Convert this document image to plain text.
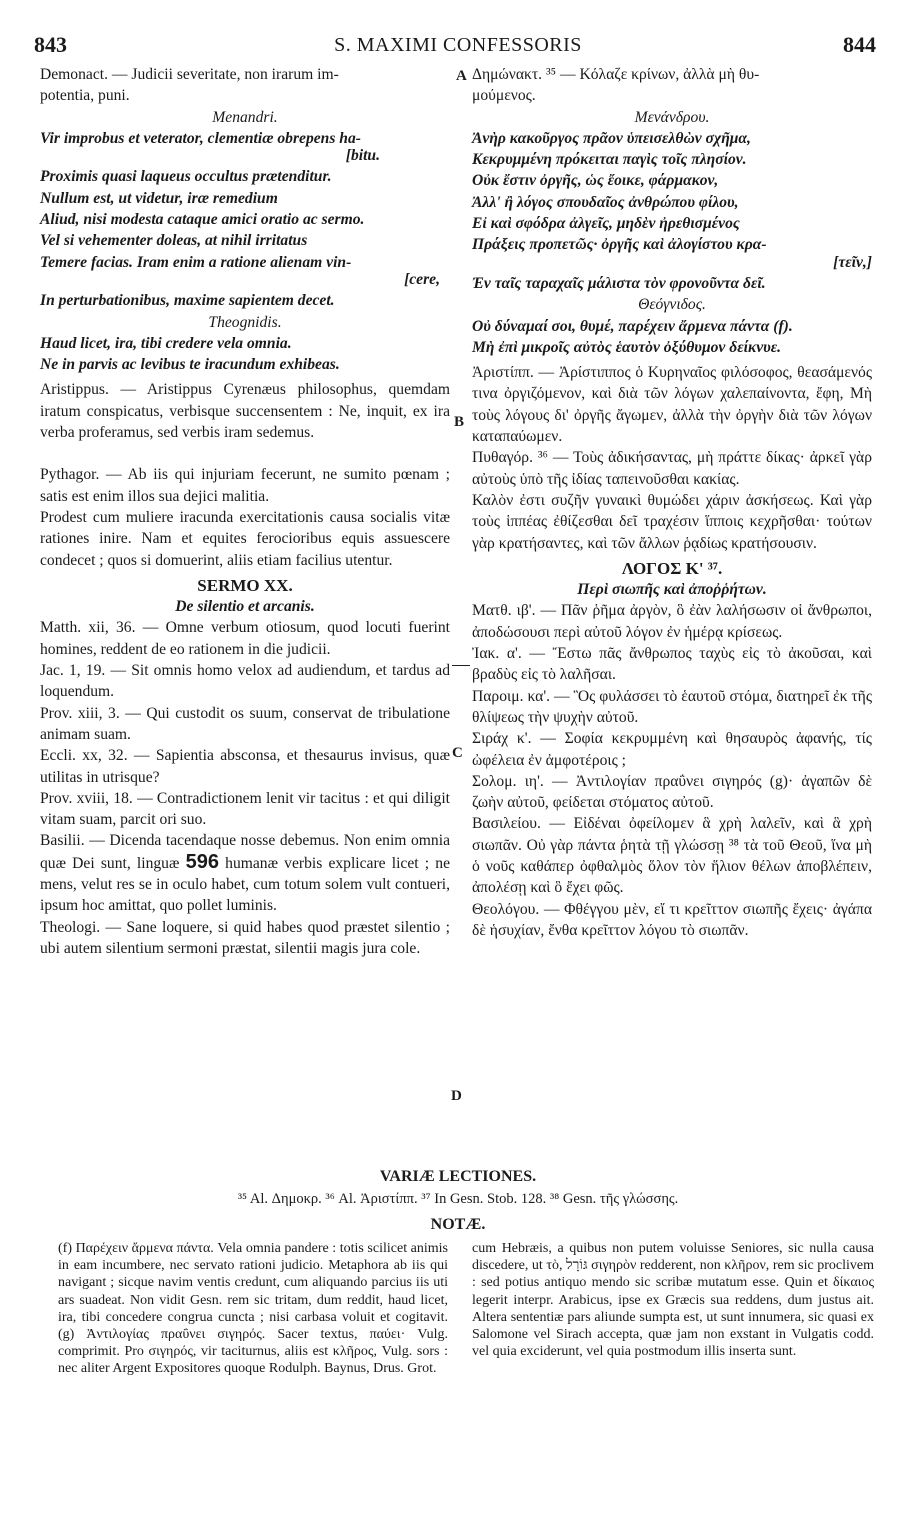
843	S. MAXIMI CONFESSORIS	844
A
B
C
D
Demonact. — Judicii severitate, non irarum im-
potentia, puni.
Menandri.
Vir improbus et veterator, clementiæ obrepens ha-
[bitu.
Proximis quasi laqueus occultus prætenditur.
Nullum est, ut videtur, iræ remedium
Aliud, nisi modesta cataque amici oratio ac sermo.
Vel si vehementer doleas, at nihil irritatus
Temere facias. Iram enim a ratione alienam vin-
[cere,
In perturbationibus, maxime sapientem decet.
Theognidis.
Haud licet, ira, tibi credere vela omnia.
Ne in parvis ac levibus te iracundum exhibeas.
Aristippus. — Aristippus Cyrenæus philosophus, quemdam iratum conspicatus, verbisque succensentem : Ne, inquit, ex ira verba proferamus, sed verbis iram sedemus.
Pythagor. — Ab iis qui injuriam fecerunt, ne sumito pœnam ; satis est enim illos sua dejici malitia.
Prodest cum muliere iracunda exercitationis causa socialis vitæ rationes inire. Nam et equites ferocioribus equis assuescere condecet ; quos si domuerint, aliis etiam facilius utentur.
SERMO XX.
De silentio et arcanis.
Matth. xii, 36. — Omne verbum otiosum, quod locuti fuerint homines, reddent de eo rationem in die judicii.
Jac. 1, 19. — Sit omnis homo velox ad audiendum, et tardus ad loquendum.
Prov. xiii, 3. — Qui custodit os suum, conservat de tribulatione animam suam.
Eccli. xx, 32. — Sapientia absconsa, et thesaurus invisus, quæ utilitas in utrisque?
Prov. xviii, 18. — Contradictionem lenit vir tacitus : et qui diligit vitam suam, parcit ori suo.
Basilii. — Dicenda tacendaque nosse debemus. Non enim omnia quæ Dei sunt, linguæ 596 humanæ verbis explicare licet ; ne mens, velut res se in oculo habet, cum totum solem vult contueri, ipsum hoc amittat, quo pollet luminis.
Theologi. — Sane loquere, si quid habes quod præstet silentio ; ubi autem silentium sermoni præstat, silentii magis jura cole.
Δημώνακτ. ³⁵ — Κόλαζε κρίνων, ἀλλὰ μὴ θυ-
μούμενος.
Μενάνδρου.
Ἀνὴρ κακοῦργος πρᾶον ὑπεισελθὼν σχῆμα,
Κεκρυμμένη πρόκειται παγὶς τοῖς πλησίον.
Οὐκ ἔστιν ὀργῆς, ὡς ἔοικε, φάρμακον,
Ἀλλ' ἢ λόγος σπουδαῖος ἀνθρώπου φίλου,
Εἰ καὶ σφόδρα ἀλγεῖς, μηδὲν ἠρεθισμένος
Πράξεις προπετῶς· ὀργῆς καὶ ἀλογίστου κρα-
[τεῖν,]
Ἐν ταῖς ταραχαῖς μάλιστα τὸν φρονοῦντα δεῖ.
Θεόγνιδος.
Οὐ δύναμαί σοι, θυμέ, παρέχειν ἄρμενα πάντα (f).
Μὴ ἐπὶ μικροῖς αὐτὸς ἑαυτὸν ὀξύθυμον δείκνυε.
Ἀριστίππ. — Ἀρίστιππος ὁ Κυρηναῖος φιλόσοφος, θεασάμενός τινα ὀργιζόμενον, καὶ διὰ τῶν λόγων χαλεπαίνοντα, ἔφη, Μὴ τοὺς λόγους δι' ὀργῆς ἄγωμεν, ἀλλὰ τὴν ὀργὴν διὰ τῶν λόγων καταπαύωμεν.
Πυθαγόρ. ³⁶ — Τοὺς ἀδικήσαντας, μὴ πράττε δίκας· ἀρκεῖ γὰρ αὐτοὺς ὑπὸ τῆς ἰδίας ταπεινοῦσθαι κακίας.
Καλὸν ἐστι συζῆν γυναικὶ θυμώδει χάριν ἀσκήσεως. Καὶ γὰρ τοὺς ἱππέας ἐθίζεσθαι δεῖ τραχέσιν ἵπποις κεχρῆσθαι· τούτων γὰρ κρατήσαντες, καὶ τῶν ἄλλων ῥᾳδίως κρατήσουσιν.
ΛΟΓΟΣ Κ' ³⁷.
Περὶ σιωπῆς καὶ ἀποῤῥήτων.
Ματθ. ιβ'. — Πᾶν ῥῆμα ἀργὸν, ὃ ἐὰν λαλήσωσιν οἱ ἄνθρωποι, ἀποδώσουσι περὶ αὐτοῦ λόγον ἐν ἡμέρᾳ κρίσεως.
Ἰακ. α'. — Ἔστω πᾶς ἄνθρωπος ταχὺς εἰς τὸ ἀκοῦσαι, καὶ βραδὺς εἰς τὸ λαλῆσαι.
Παροιμ. κα'. — Ὃς φυλάσσει τὸ ἑαυτοῦ στόμα, διατηρεῖ ἐκ τῆς θλίψεως τὴν ψυχὴν αὐτοῦ.
Σιράχ κ'. — Σοφία κεκρυμμένη καὶ θησαυρὸς ἀφανής, τίς ὠφέλεια ἐν ἀμφοτέροις ;
Σολομ. ιη'. — Ἀντιλογίαν πραΰνει σιγηρός (g)· ἀγαπῶν δὲ ζωὴν αὐτοῦ, φείδεται στόματος αὐτοῦ.
Βασιλείου. — Εἰδέναι ὀφείλομεν ἃ χρὴ λαλεῖν, καὶ ἃ χρὴ σιωπᾶν. Οὐ γὰρ πάντα ῥητὰ τῇ γλώσσῃ ³⁸ τὰ τοῦ Θεοῦ, ἵνα μὴ ὁ νοῦς καθάπερ ὀφθαλμὸς ὅλον τὸν ἥλιον θέλων ἀποβλέπειν, ἀπολέσῃ καὶ ὃ ἔχει φῶς.
Θεολόγου. — Φθέγγου μὲν, εἴ τι κρεῖττον σιωπῆς ἔχεις· ἀγάπα δὲ ἡσυχίαν, ἔνθα κρεῖττον λόγου τὸ σιωπᾶν.
VARIÆ LECTIONES.
³⁵ Al. Δημοκρ. ³⁶ Al. Ἀριστίππ. ³⁷ In Gesn. Stob. 128. ³⁸ Gesn. τῆς γλώσσης.
NOTÆ.
(f) Παρέχειν ἄρμενα πάντα. Vela omnia pandere : totis scilicet animis in eam incumbere, nec servato rationi judicio. Metaphora ab iis qui navigant ; sicque navim ventis credunt, cum aliquando parcius iis uti ars suadeat. Non vidit Gesn. rem sic tritam, dum reddit, haud licet, ira, tibi concedere congrua cuncta ; nisi carbasa voluit et cogitavit. (g) Ἀντιλογίας πραΰνει σιγηρός. Sacer textus, παύει· Vulg. comprimit. Pro σιγηρός, vir taciturnus, aliis est κλῆρος, Vulg. sors : nec aliter Argent Expositores quoque Rodulph. Baynus, Drus. Grot.
cum Hebræis, a quibus non putem voluisse Seniores, sic nulla causa discedere, ut τὸ, גּוֹרָל σιγηρὸν redderent, non κλῆρον, rem sic proclivem : sed potius antiquo mendo sic scribæ mutatum esse. Quin et δίκαιος legerit interpr. Arabicus, ipse ex Græcis sua reddens, dum justus ait. Altera sententiæ pars aliunde sumpta est, ut sunt innumera, sic quasi ex Salomone vel Sirach accepta, quæ jam non exstant in Vulgatis codd. vel quia exciderunt, vel quia postmodum illis inserta sunt.
